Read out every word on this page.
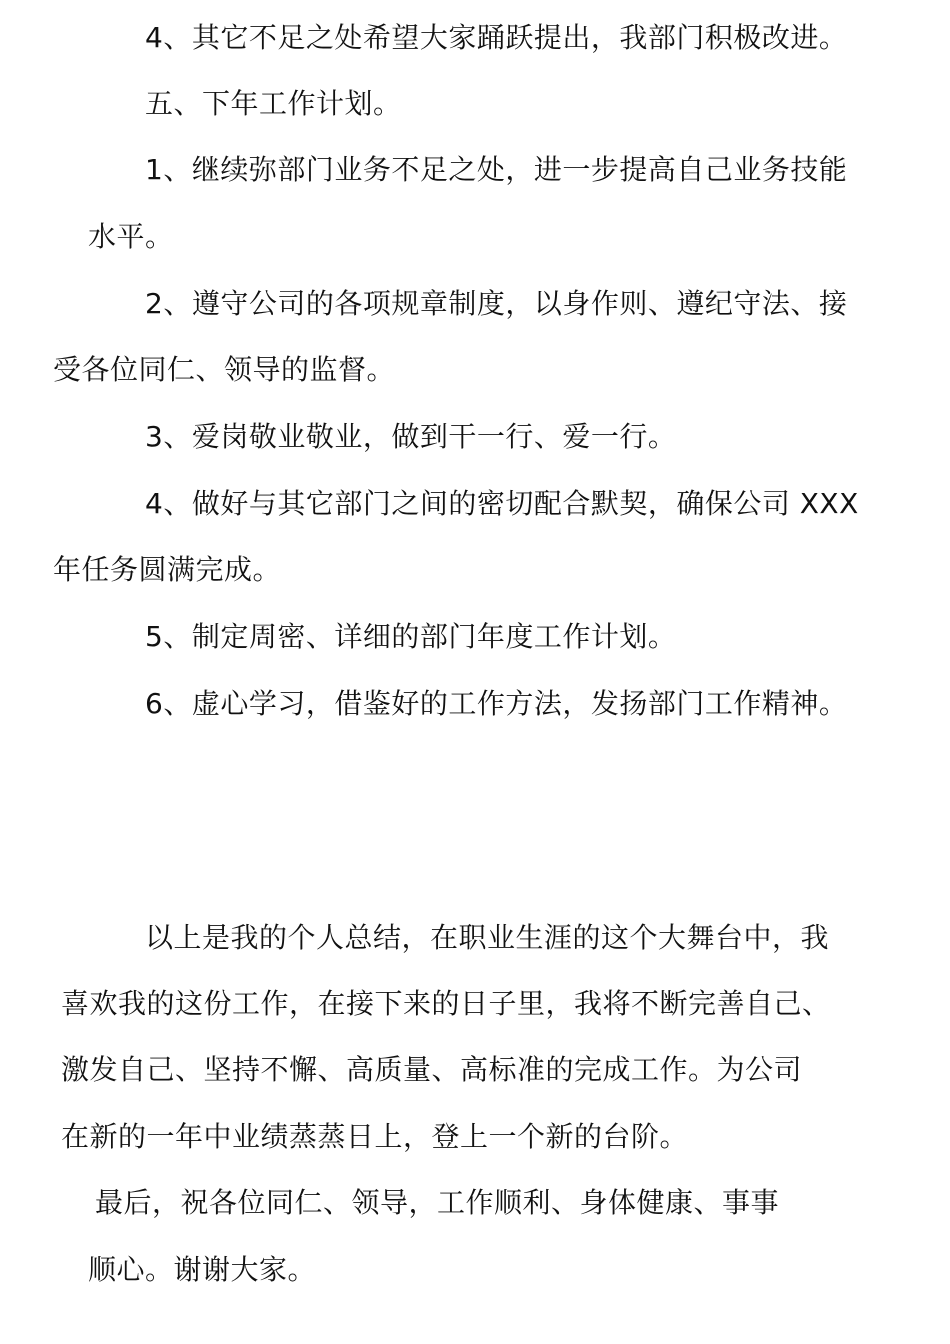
4、其它不足之处希望大家踊跃提出，我部门积极改进。
五、下年工作计划。
1、继续弥部门业务不足之处，进一步提高自己业务技能
水平。
2、遵守公司的各项规章制度，以身作则、遵纪守法、接
受各位同仁、领导的监督。
3、爱岗敬业敬业，做到干一行、爱一行。
4、做好与其它部门之间的密切配合默契，确保公司 XXX
年任务圆满完成。
5、制定周密、详细的部门年度工作计划。
6、虚心学习，借鉴好的工作方法，发扬部门工作精神。
以上是我的个人总结，在职业生涯的这个大舞台中，我
喜欢我的这份工作，在接下来的日子里，我将不断完善自己、
激发自己、坚持不懈、高质量、高标准的完成工作。为公司
在新的一年中业绩蒸蒸日上，登上一个新的台阶。
最后，祝各位同仁、领导，工作顺利、身体健康、事事
顺心。谢谢大家。
